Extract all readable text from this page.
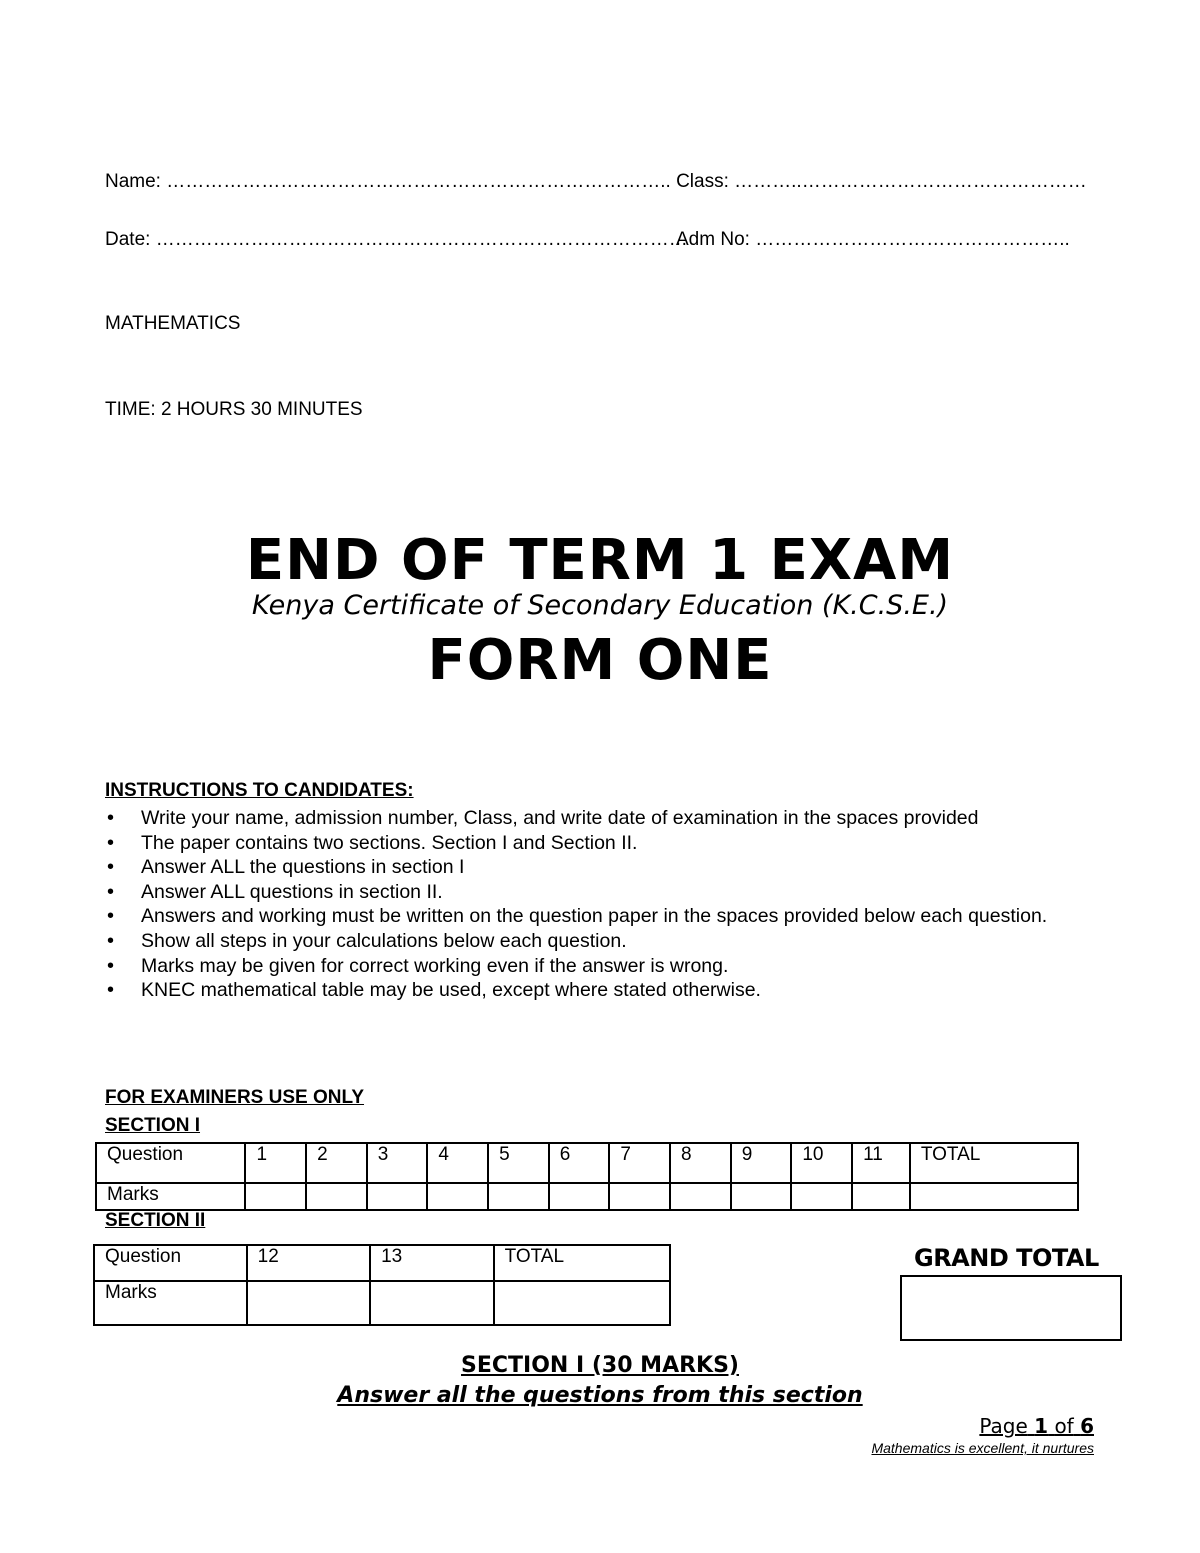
Name: …………………………………………………………………….. Class: ………..………………………………………
Date: …………………………………………………………………………
Adm No: …………………………………………..
MATHEMATICS
TIME: 2 HOURS 30 MINUTES
END OF TERM 1 EXAM
Kenya Certificate of Secondary Education (K.C.S.E.)
FORM ONE
INSTRUCTIONS TO CANDIDATES:
• Write your name, admission number, Class, and write date of examination in the spaces provided
• The paper contains two sections. Section I and Section II.
• Answer ALL the questions in section I
• Answer ALL questions in section II.
• Answers and working must be written on the question paper in the spaces provided below each question.
• Show all steps in your calculations below each question.
• Marks may be given for correct working even if the answer is wrong.
• KNEC mathematical table may be used, except where stated otherwise.
FOR EXAMINERS USE ONLY
SECTION I
Question	1	2	3	4	5	6	7	8	9	10	11	TOTAL
Marks												
SECTION II
Question	12	13	TOTAL
Marks			
GRAND TOTAL
SECTION I (30 MARKS)
Answer all the questions from this section
Page 1 of 6
Mathematics is excellent, it nurtures
